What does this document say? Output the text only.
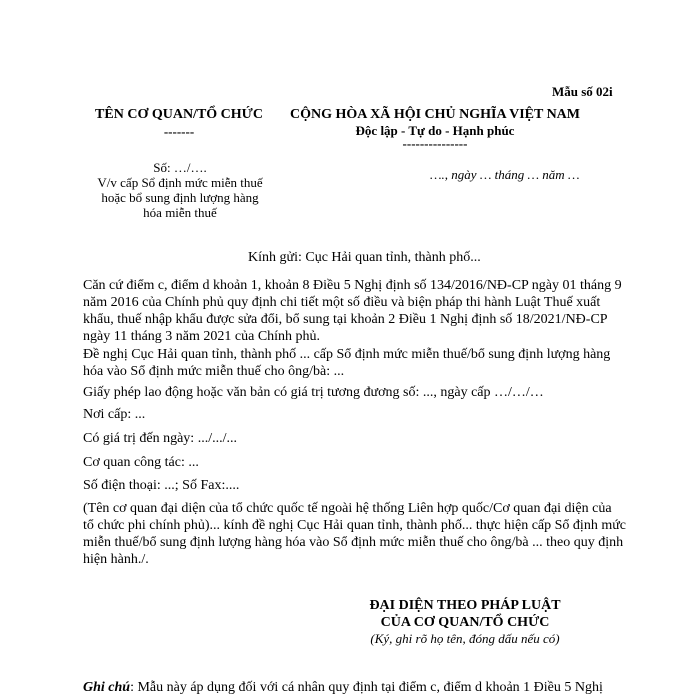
Mẫu số 02i
TÊN CƠ QUAN/TỔ CHỨC
-------
Số: …/….
V/v cấp Sổ định mức miễn thuế
hoặc bổ sung định lượng hàng
hóa miễn thuế
CỘNG HÒA XÃ HỘI CHỦ NGHĨA VIỆT NAM
Độc lập - Tự do - Hạnh phúc
---------------
…., ngày … tháng … năm …
Kính gửi: Cục Hải quan tỉnh, thành phố...
Căn cứ điểm c, điểm d khoản 1, khoản 8 Điều 5 Nghị định số 134/2016/NĐ-CP ngày 01 tháng 9
năm 2016 của Chính phủ quy định chi tiết một số điều và biện pháp thi hành Luật Thuế xuất
khẩu, thuế nhập khẩu được sửa đổi, bổ sung tại khoản 2 Điều 1 Nghị định số 18/2021/NĐ-CP
ngày 11 tháng 3 năm 2021 của Chính phủ.
Đề nghị Cục Hải quan tỉnh, thành phố ... cấp Sổ định mức miễn thuế/bổ sung định lượng hàng
hóa vào Sổ định mức miễn thuế cho ông/bà: ...
Giấy phép lao động hoặc văn bản có giá trị tương đương số: ..., ngày cấp …/…/…
Nơi cấp: ...
Có giá trị đến ngày: .../.../...
Cơ quan công tác: ...
Số điện thoại: ...; Số Fax:....
(Tên cơ quan đại diện của tổ chức quốc tế ngoài hệ thống Liên hợp quốc/Cơ quan đại diện của
tổ chức phi chính phủ)... kính đề nghị Cục Hải quan tỉnh, thành phố... thực hiện cấp Sổ định mức
miễn thuế/bổ sung định lượng hàng hóa vào Sổ định mức miễn thuế cho ông/bà ... theo quy định
hiện hành./.
ĐẠI DIỆN THEO PHÁP LUẬT
CỦA CƠ QUAN/TỔ CHỨC
(Ký, ghi rõ họ tên, đóng dấu nếu có)
Ghi chú: Mẫu này áp dụng đối với cá nhân quy định tại điểm c, điểm d khoản 1 Điều 5 Nghị
